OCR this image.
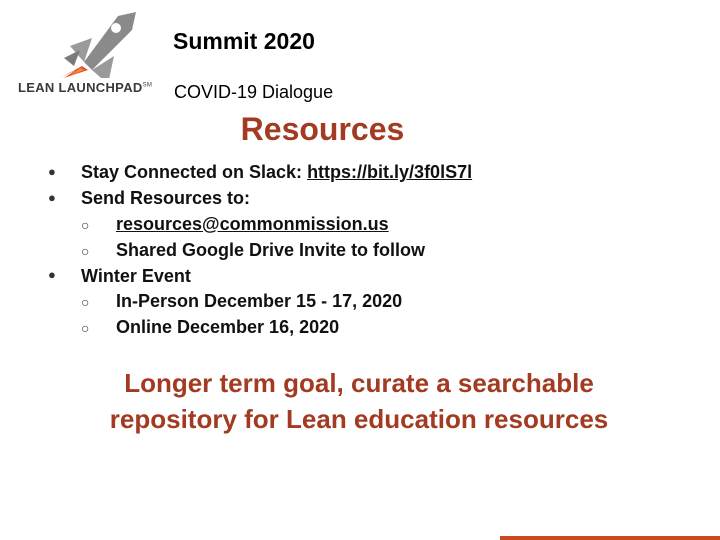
LEAN LAUNCHPAD℠
Summit 2020
COVID-19 Dialogue
Resources
● Stay Connected on Slack: https://bit.ly/3f0lS7l
● Send Resources to:
○ resources@commonmission.us
○ Shared Google Drive Invite to follow
● Winter Event
○ In-Person December 15 - 17, 2020
○ Online December 16, 2020
Longer term goal, curate a searchable
repository for Lean education resources
